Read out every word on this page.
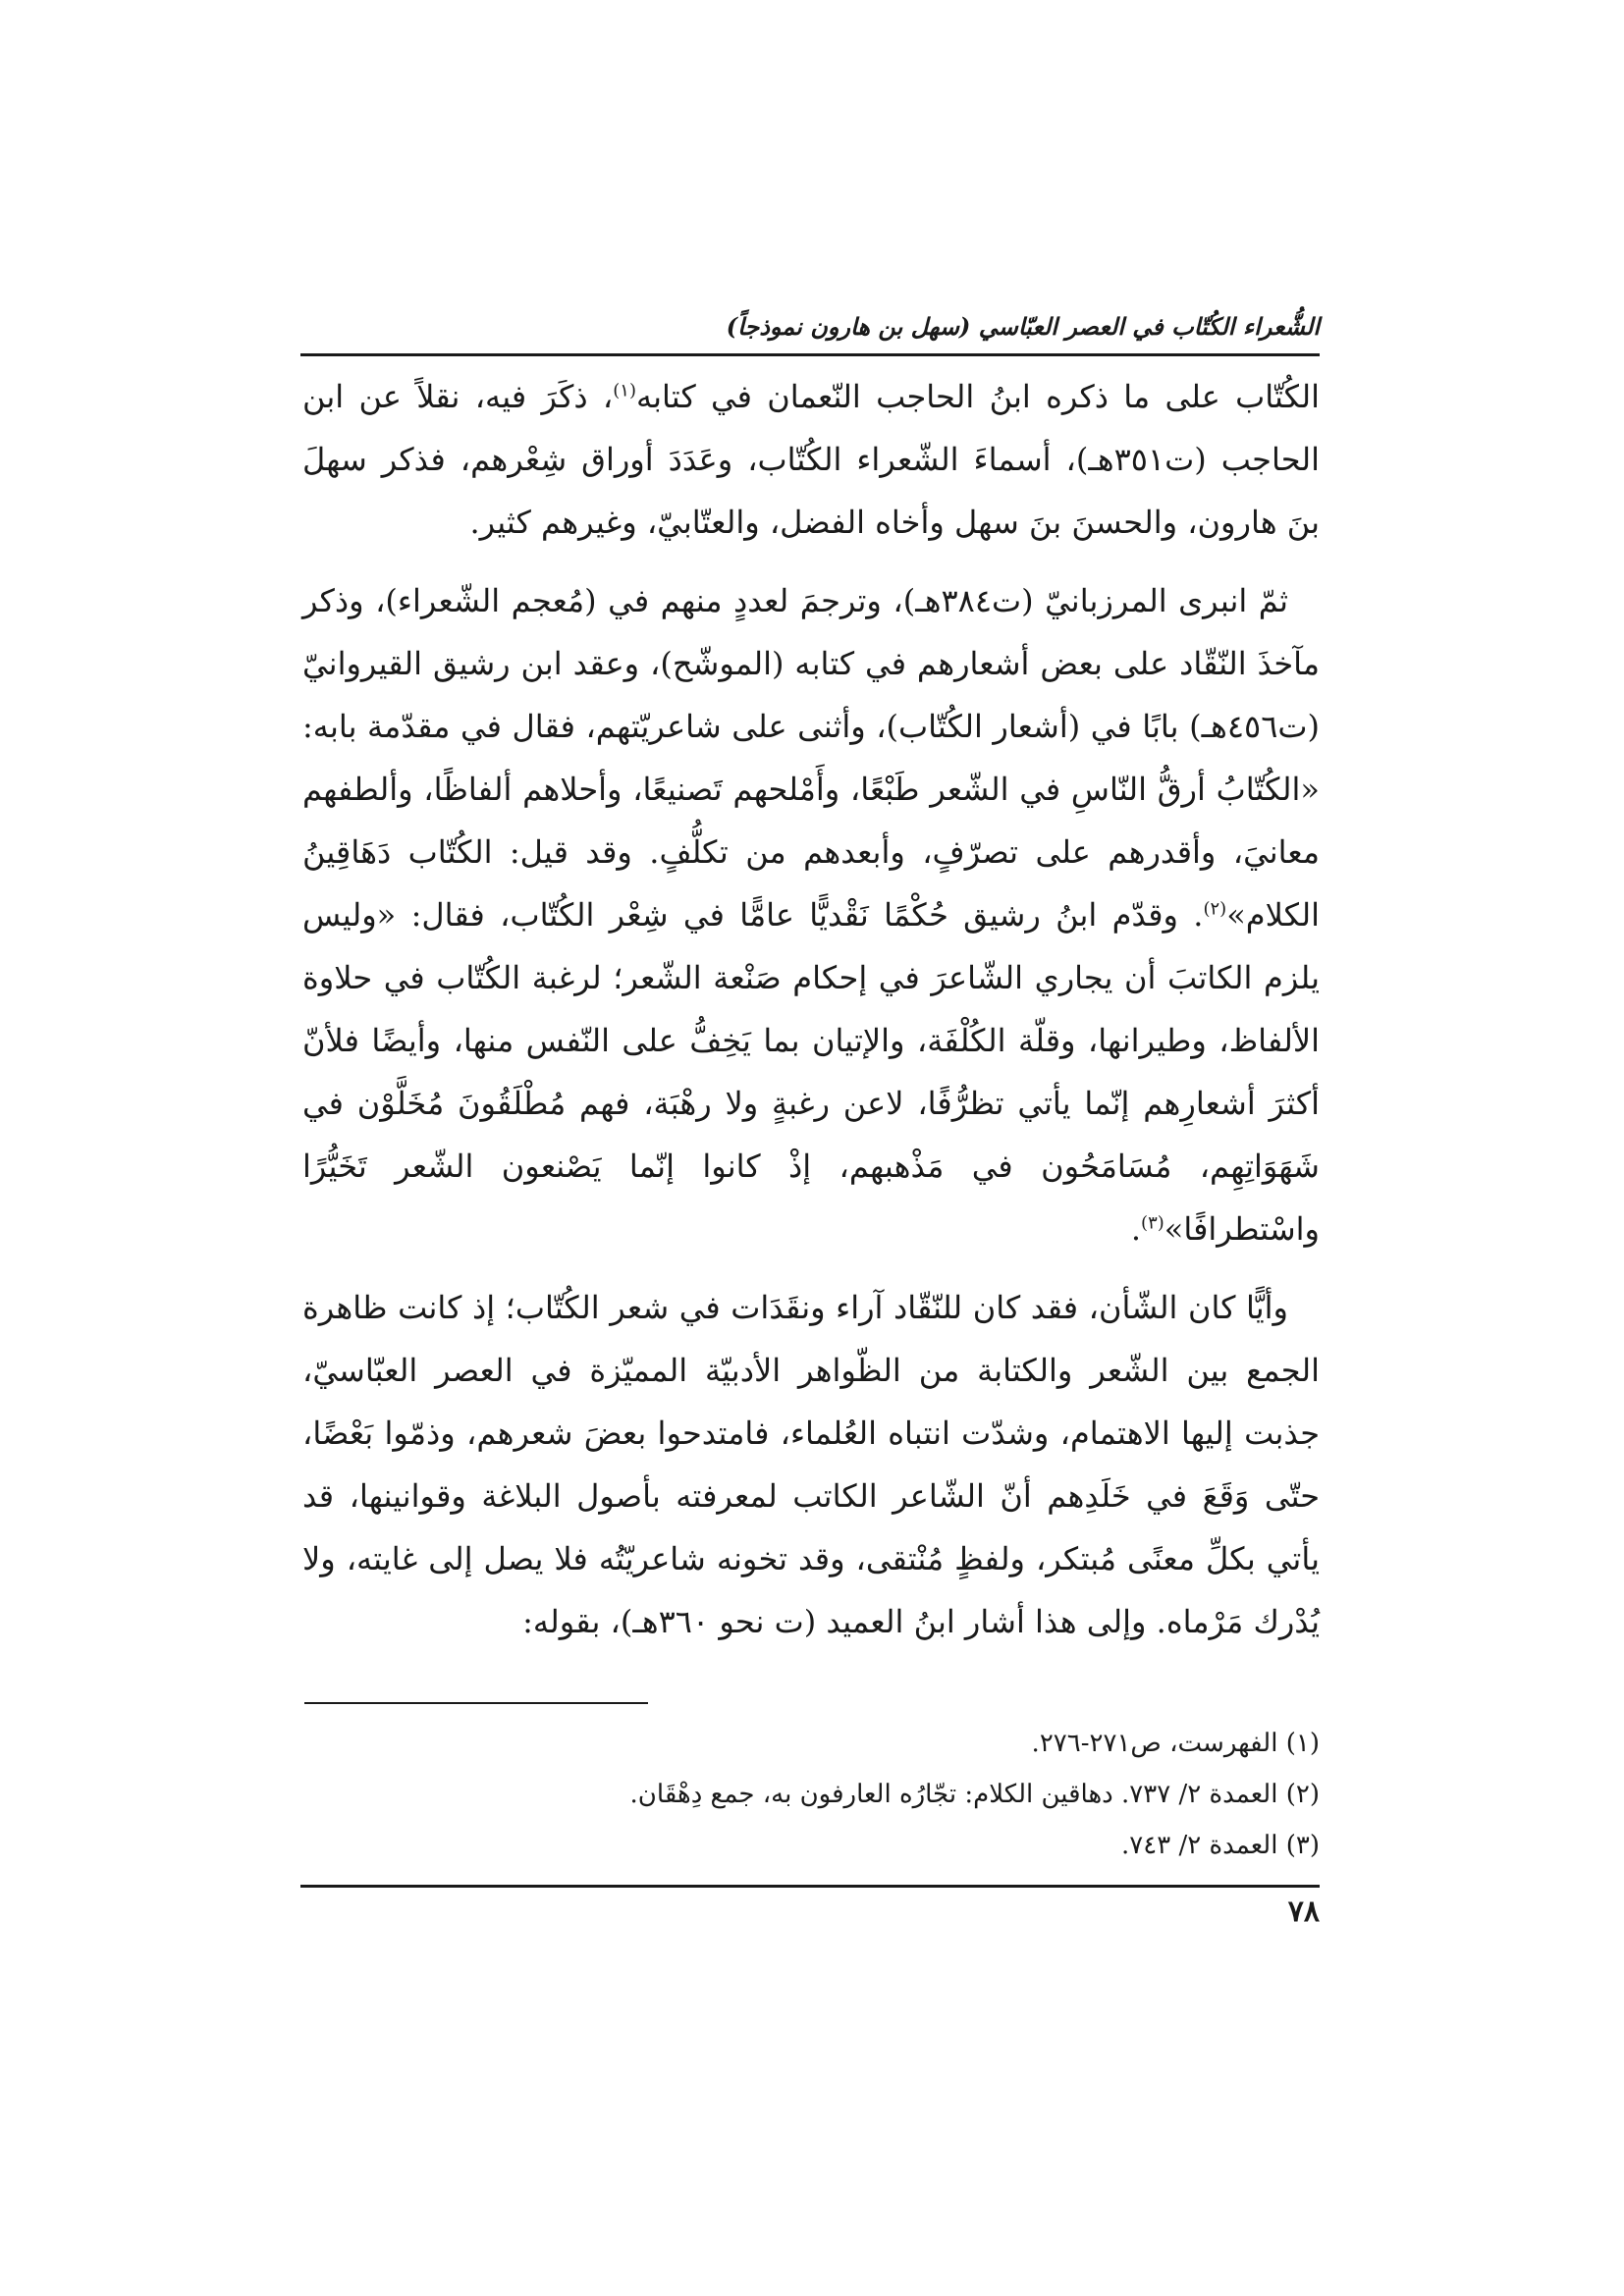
الشُّعراء الكُتّاب في العصر العبّاسي (سهل بن هارون نموذجاً)

الكُتّاب على ما ذكره ابنُ الحاجب النّعمان في كتابه$^{(١)}$، ذكَرَ فيه، نقلاً عن ابن الحاجب (ت٣٥١هـ)، أسماءَ الشّعراء الكُتّاب، وعَدَدَ أوراق شِعْرهم، فذكر سهلَ بنَ هارون، والحسنَ بنَ سهل وأخاه الفضل، والعتّابيّ، وغيرهم كثير.

ثمّ انبرى المرزبانيّ (ت٣٨٤هـ)، وترجمَ لعددٍ منهم في (مُعجم الشّعراء)، وذكر مآخذَ النّقّاد على بعض أشعارهم في كتابه (الموشّح)، وعقد ابن رشيق القيروانيّ (ت٤٥٦هـ) بابًا في (أشعار الكُتّاب)، وأثنى على شاعريّتهم، فقال في مقدّمة بابه: «الكُتّابُ أرقُّ النّاسِ في الشّعر طَبْعًا، وأَمْلحهم تَصنيعًا، وأحلاهم ألفاظًا، وألطفهم معانيَ، وأقدرهم على تصرّفٍ، وأبعدهم من تكلُّفٍ. وقد قيل: الكُتّاب دَهَاقِينُ الكلام»$^{(٢)}$. وقدّم ابنُ رشيق حُكْمًا نَقْديًّا عامًّا في شِعْر الكُتّاب، فقال: «وليس يلزم الكاتبَ أن يجاري الشّاعرَ في إحكام صَنْعة الشّعر؛ لرغبة الكُتّاب في حلاوة الألفاظ، وطيرانها، وقلّة الكُلْفَة، والإتيان بما يَخِفُّ على النّفس منها، وأيضًا فلأنّ أكثرَ أشعارِهم إنّما يأتي تظرُّفًا، لاعن رغبةٍ ولا رهْبَة، فهم مُطْلَقُونَ مُخَلَّوْن في شَهَوَاتِهِم، مُسَامَحُون في مَذْهبهم، إذْ كانوا إنّما يَصْنعون الشّعر تَخَيُّرًا واسْتطرافًا»$^{(٣)}$.

وأيًّا كان الشّأن، فقد كان للنّقّاد آراء ونقَدَات في شعر الكُتّاب؛ إذ كانت ظاهرة الجمع بين الشّعر والكتابة من الظّواهر الأدبيّة المميّزة في العصر العبّاسيّ، جذبت إليها الاهتمام، وشدّت انتباه العُلماء، فامتدحوا بعضَ شعرهم، وذمّوا بَعْضًا، حتّى وَقَعَ في خَلَدِهم أنّ الشّاعر الكاتب لمعرفته بأصول البلاغة وقوانينها، قد يأتي بكلِّ معنًى مُبتكر، ولفظٍ مُنْتقى، وقد تخونه شاعريّتُه فلا يصل إلى غايته، ولا يُدْرك مَرْماه. وإلى هذا أشار ابنُ العميد (ت نحو ٣٦٠هـ)، بقوله:

(١) الفهرست، ص٢٧١-٢٧٦.

(٢) العمدة ٢/ ٧٣٧. دهاقين الكلام: تجّارُه العارفون به، جمع دِهْقَان.

(٣) العمدة ٢/ ٧٤٣.

٧٨
